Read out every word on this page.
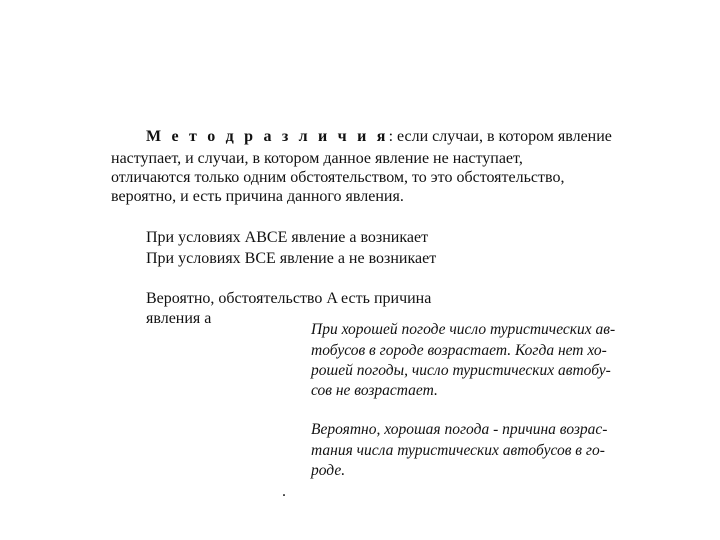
М е т о д р а з л и ч и я: если случаи, в котором явление
наступает, и случаи, в котором данное явление не наступает,
отличаются только одним обстоятельством, то это обстоятельство,
вероятно, и есть причина данного явления.
При условиях ABCE явление a возникает
При условиях BCE явление a не возникает
Вероятно, обстоятельство A есть причина
явления a
При хорошей погоде число туристических ав-
тобусов в городе возрастает. Когда нет хо-
рошей погоды, число туристических автобу-
сов не возрастает.
Вероятно, хорошая погода - причина возрас-
тания числа туристических автобусов в го-
роде.
.
